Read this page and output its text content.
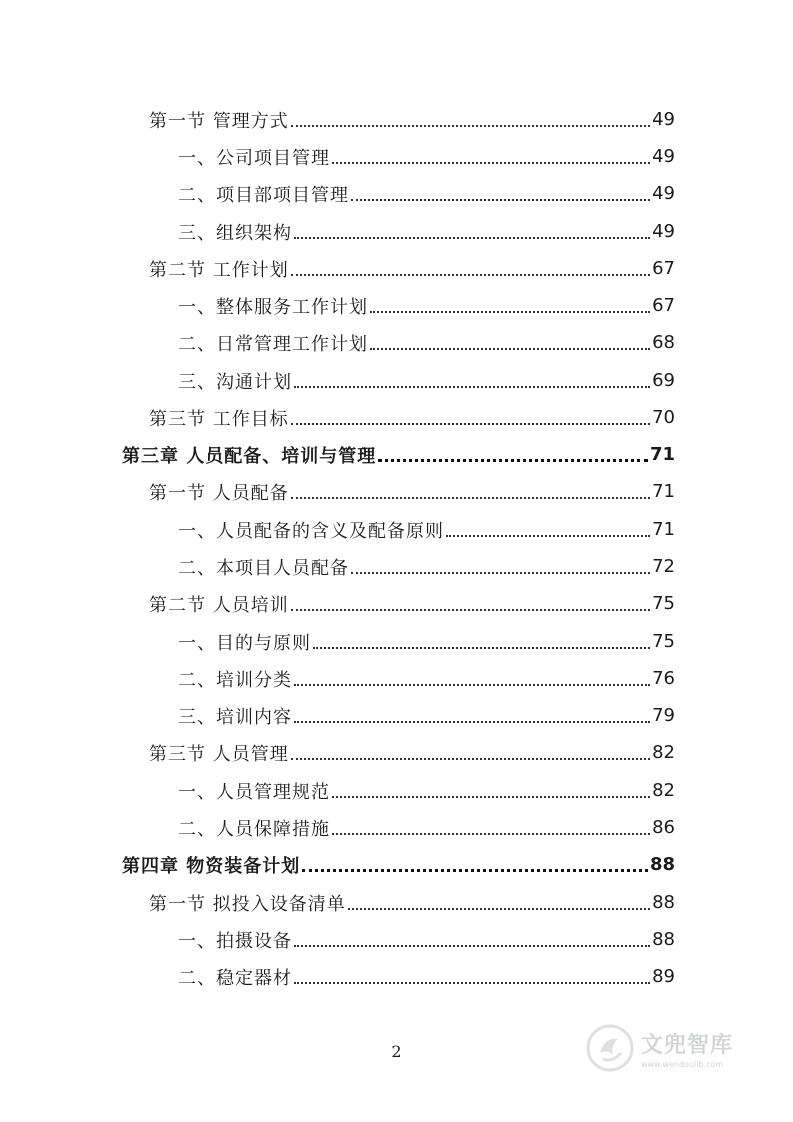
第一节 管理方式	49
一、公司项目管理	49
二、项目部项目管理	49
三、组织架构	49
第二节 工作计划	67
一、整体服务工作计划	67
二、日常管理工作计划	68
三、沟通计划	69
第三节 工作目标	70
第三章 人员配备、培训与管理	71
第一节 人员配备	71
一、人员配备的含义及配备原则	71
二、本项目人员配备	72
第二节 人员培训	75
一、目的与原则	75
二、培训分类	76
三、培训内容	79
第三节 人员管理	82
一、人员管理规范	82
二、人员保障措施	86
第四章 物资装备计划	88
第一节 拟投入设备清单	88
一、拍摄设备	88
二、稳定器材	89
2	文兜智库
www.wendoulib.com
